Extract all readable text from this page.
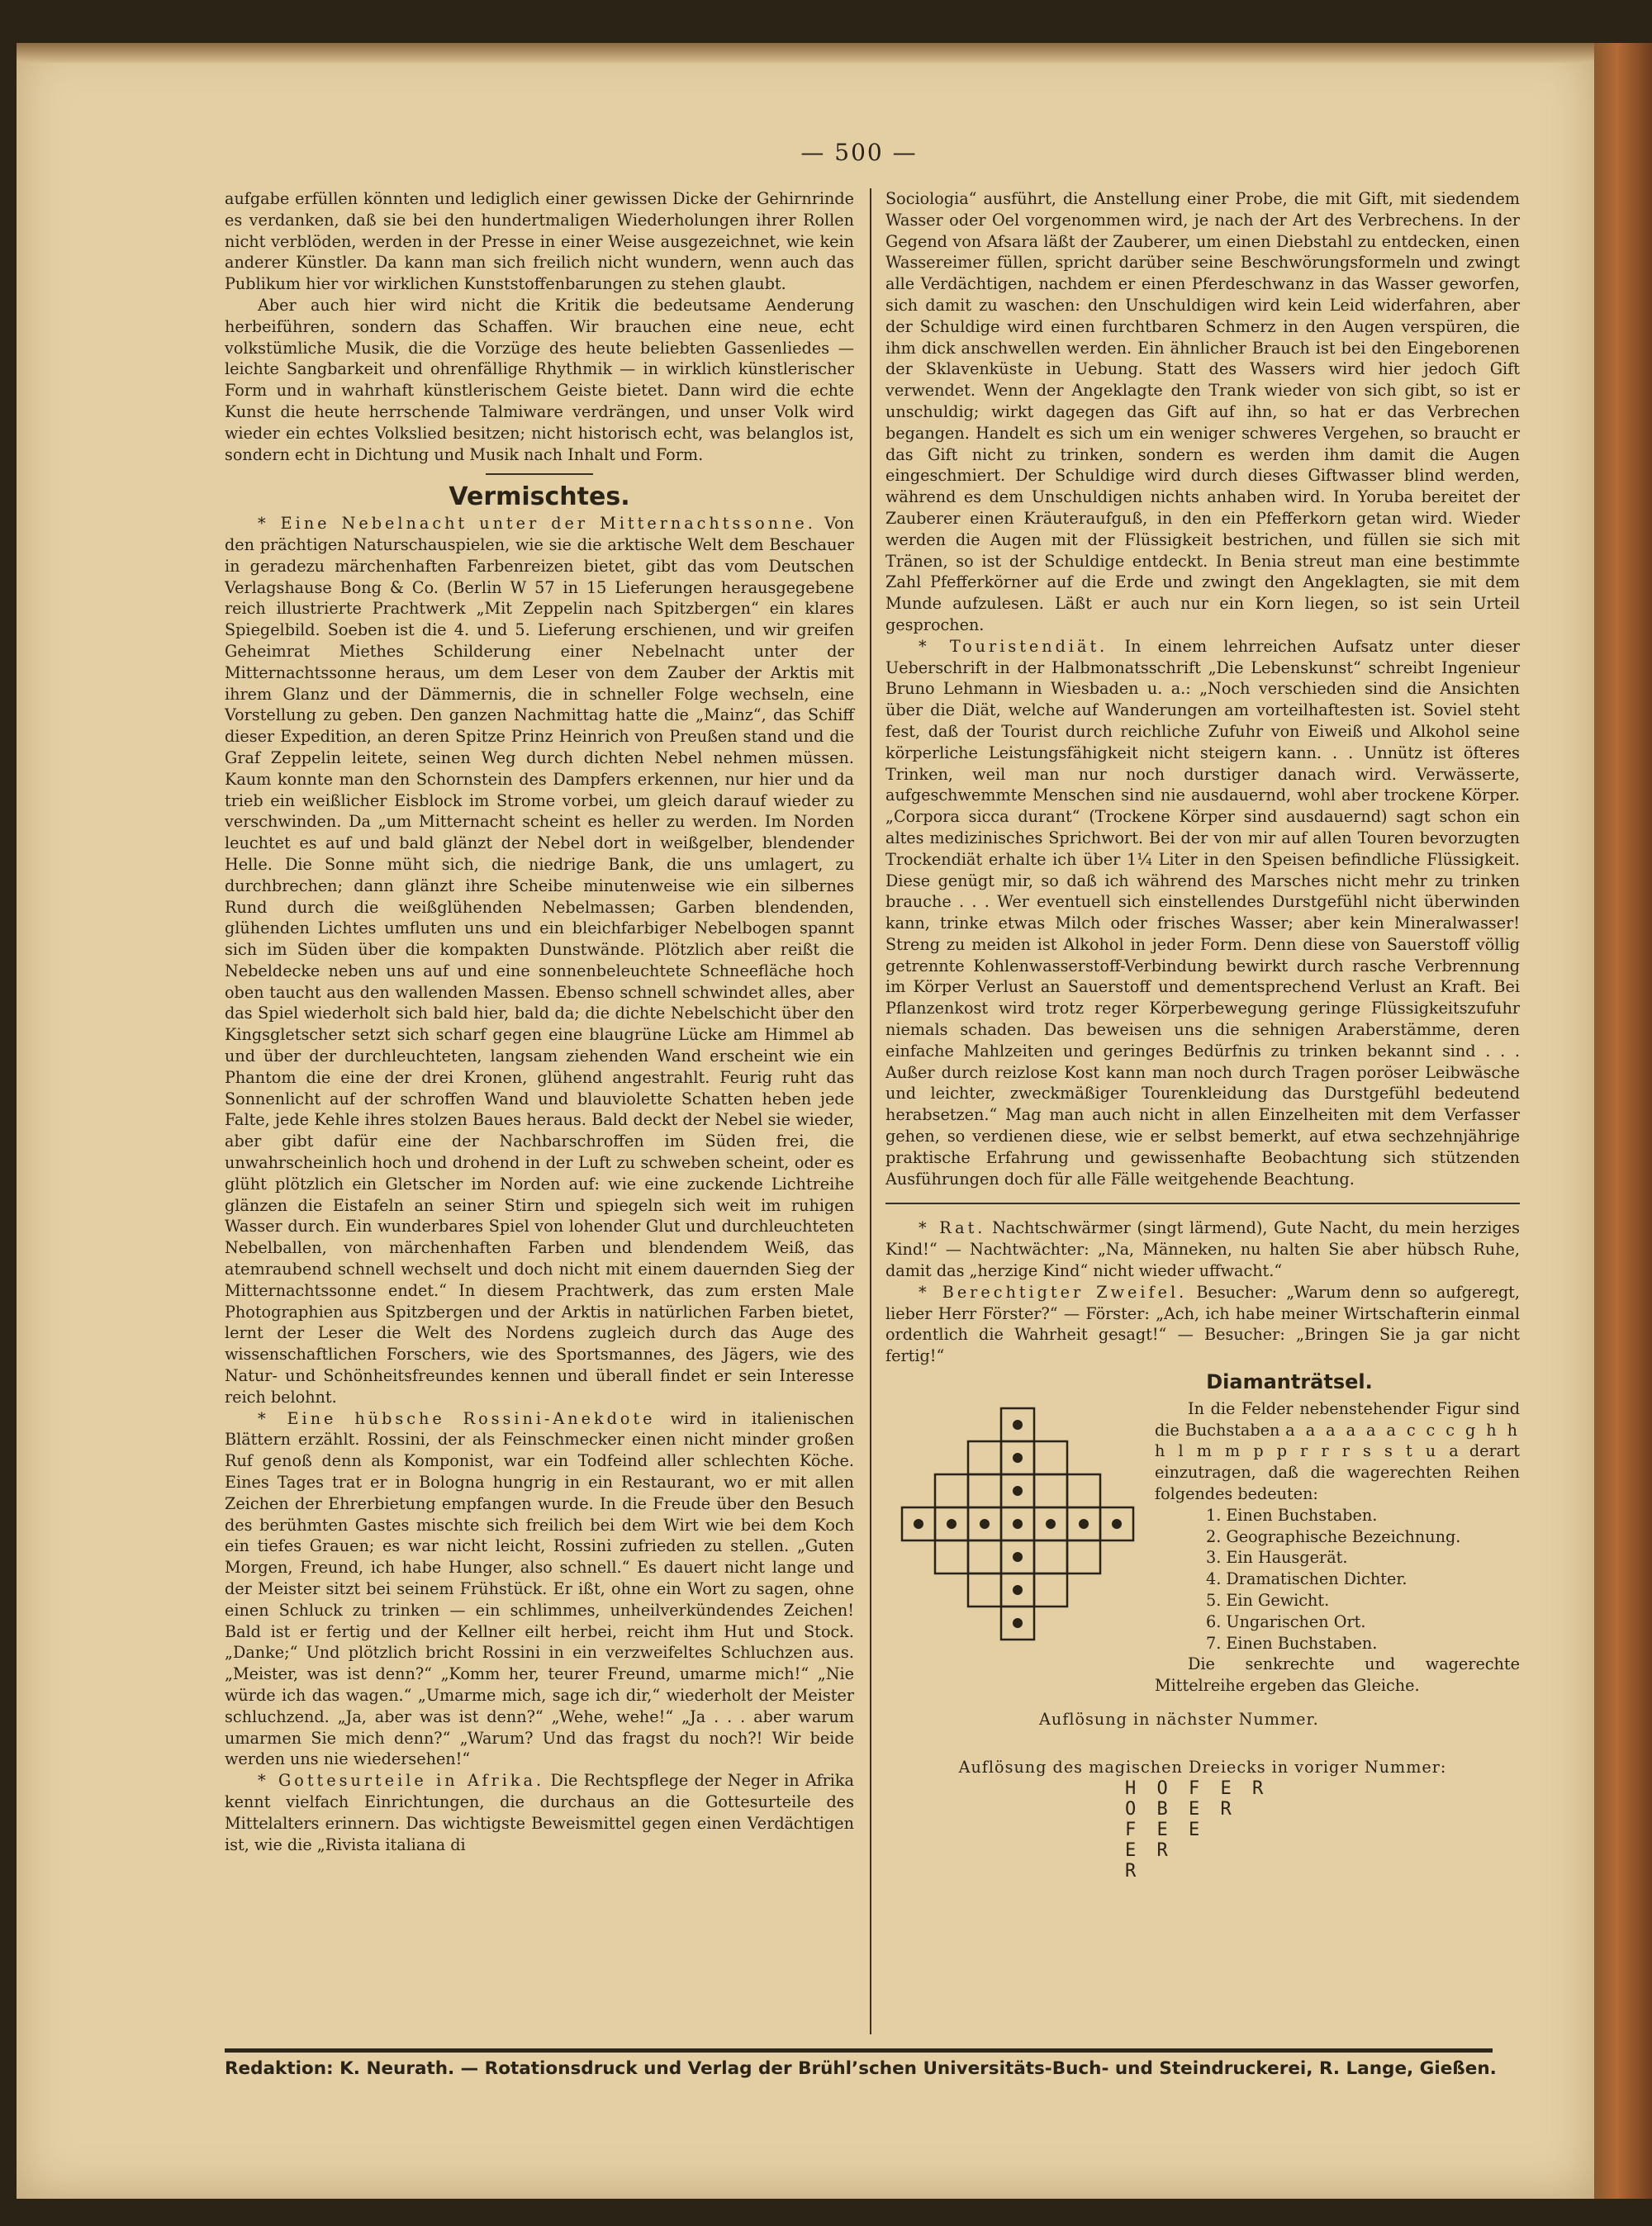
— 500 —

aufgabe erfüllen könnten und lediglich einer gewissen Dicke der Gehirnrinde es verdanken, daß sie bei den hundertmaligen Wiederholungen ihrer Rollen nicht verblöden, werden in der Presse in einer Weise ausgezeichnet, wie kein anderer Künstler. Da kann man sich freilich nicht wundern, wenn auch das Publikum hier vor wirklichen Kunststoffenbarungen zu stehen glaubt.

Aber auch hier wird nicht die Kritik die bedeutsame Aenderung herbeiführen, sondern das Schaffen. Wir brauchen eine neue, echt volkstümliche Musik, die die Vorzüge des heute beliebten Gassenliedes — leichte Sangbarkeit und ohrenfällige Rhythmik — in wirklich künstlerischer Form und in wahrhaft künstlerischem Geiste bietet. Dann wird die echte Kunst die heute herrschende Talmiware verdrängen, und unser Volk wird wieder ein echtes Volkslied besitzen; nicht historisch echt, was belanglos ist, sondern echt in Dichtung und Musik nach Inhalt und Form.

Vermischtes.

* Eine Nebelnacht unter der Mitternachtssonne. Von den prächtigen Naturschauspielen, wie sie die arktische Welt dem Beschauer in geradezu märchenhaften Farbenreizen bietet, gibt das vom Deutschen Verlagshause Bong & Co. (Berlin W 57 in 15 Lieferungen herausgegebene reich illustrierte Prachtwerk „Mit Zeppelin nach Spitzbergen“ ein klares Spiegelbild. Soeben ist die 4. und 5. Lieferung erschienen, und wir greifen Geheimrat Miethes Schilderung einer Nebelnacht unter der Mitternachtssonne heraus, um dem Leser von dem Zauber der Arktis mit ihrem Glanz und der Dämmernis, die in schneller Folge wechseln, eine Vorstellung zu geben. Den ganzen Nachmittag hatte die „Mainz“, das Schiff dieser Expedition, an deren Spitze Prinz Heinrich von Preußen stand und die Graf Zeppelin leitete, seinen Weg durch dichten Nebel nehmen müssen. Kaum konnte man den Schornstein des Dampfers erkennen, nur hier und da trieb ein weißlicher Eisblock im Strome vorbei, um gleich darauf wieder zu verschwinden. Da „um Mitternacht scheint es heller zu werden. Im Norden leuchtet es auf und bald glänzt der Nebel dort in weißgelber, blendender Helle. Die Sonne müht sich, die niedrige Bank, die uns umlagert, zu durchbrechen; dann glänzt ihre Scheibe minutenweise wie ein silbernes Rund durch die weißglühenden Nebelmassen; Garben blendenden, glühenden Lichtes umfluten uns und ein bleichfarbiger Nebelbogen spannt sich im Süden über die kompakten Dunstwände. Plötzlich aber reißt die Nebeldecke neben uns auf und eine sonnenbeleuchtete Schneefläche hoch oben taucht aus den wallenden Massen. Ebenso schnell schwindet alles, aber das Spiel wiederholt sich bald hier, bald da; die dichte Nebelschicht über den Kingsgletscher setzt sich scharf gegen eine blaugrüne Lücke am Himmel ab und über der durchleuchteten, langsam ziehenden Wand erscheint wie ein Phantom die eine der drei Kronen, glühend angestrahlt. Feurig ruht das Sonnenlicht auf der schroffen Wand und blauviolette Schatten heben jede Falte, jede Kehle ihres stolzen Baues heraus. Bald deckt der Nebel sie wieder, aber gibt dafür eine der Nachbarschroffen im Süden frei, die unwahrscheinlich hoch und drohend in der Luft zu schweben scheint, oder es glüht plötzlich ein Gletscher im Norden auf: wie eine zuckende Lichtreihe glänzen die Eistafeln an seiner Stirn und spiegeln sich weit im ruhigen Wasser durch. Ein wunderbares Spiel von lohender Glut und durchleuchteten Nebelballen, von märchenhaften Farben und blendendem Weiß, das atemraubend schnell wechselt und doch nicht mit einem dauernden Sieg der Mitternachtssonne endet.“ In diesem Prachtwerk, das zum ersten Male Photographien aus Spitzbergen und der Arktis in natürlichen Farben bietet, lernt der Leser die Welt des Nordens zugleich durch das Auge des wissenschaftlichen Forschers, wie des Sportsmannes, des Jägers, wie des Natur- und Schönheitsfreundes kennen und überall findet er sein Interesse reich belohnt.

* Eine hübsche Rossini-Anekdote wird in italienischen Blättern erzählt. Rossini, der als Feinschmecker einen nicht minder großen Ruf genoß denn als Komponist, war ein Todfeind aller schlechten Köche. Eines Tages trat er in Bologna hungrig in ein Restaurant, wo er mit allen Zeichen der Ehrerbietung empfangen wurde. In die Freude über den Besuch des berühmten Gastes mischte sich freilich bei dem Wirt wie bei dem Koch ein tiefes Grauen; es war nicht leicht, Rossini zufrieden zu stellen. „Guten Morgen, Freund, ich habe Hunger, also schnell.“ Es dauert nicht lange und der Meister sitzt bei seinem Frühstück. Er ißt, ohne ein Wort zu sagen, ohne einen Schluck zu trinken — ein schlimmes, unheilverkündendes Zeichen! Bald ist er fertig und der Kellner eilt herbei, reicht ihm Hut und Stock. „Danke;“ Und plötzlich bricht Rossini in ein verzweifeltes Schluchzen aus. „Meister, was ist denn?“ „Komm her, teurer Freund, umarme mich!“ „Nie würde ich das wagen.“ „Umarme mich, sage ich dir,“ wiederholt der Meister schluchzend. „Ja, aber was ist denn?“ „Wehe, wehe!“ „Ja . . . aber warum umarmen Sie mich denn?“ „Warum? Und das fragst du noch?! Wir beide werden uns nie wiedersehen!“

* Gottesurteile in Afrika. Die Rechtspflege der Neger in Afrika kennt vielfach Einrichtungen, die durchaus an die Gottesurteile des Mittelalters erinnern. Das wichtigste Beweismittel gegen einen Verdächtigen ist, wie die „Rivista italiana di

Sociologia“ ausführt, die Anstellung einer Probe, die mit Gift, mit siedendem Wasser oder Oel vorgenommen wird, je nach der Art des Verbrechens. In der Gegend von Afsara läßt der Zauberer, um einen Diebstahl zu entdecken, einen Wassereimer füllen, spricht darüber seine Beschwörungsformeln und zwingt alle Verdächtigen, nachdem er einen Pferdeschwanz in das Wasser geworfen, sich damit zu waschen: den Unschuldigen wird kein Leid widerfahren, aber der Schuldige wird einen furchtbaren Schmerz in den Augen verspüren, die ihm dick anschwellen werden. Ein ähnlicher Brauch ist bei den Eingeborenen der Sklavenküste in Uebung. Statt des Wassers wird hier jedoch Gift verwendet. Wenn der Angeklagte den Trank wieder von sich gibt, so ist er unschuldig; wirkt dagegen das Gift auf ihn, so hat er das Verbrechen begangen. Handelt es sich um ein weniger schweres Vergehen, so braucht er das Gift nicht zu trinken, sondern es werden ihm damit die Augen eingeschmiert. Der Schuldige wird durch dieses Giftwasser blind werden, während es dem Unschuldigen nichts anhaben wird. In Yoruba bereitet der Zauberer einen Kräuteraufguß, in den ein Pfefferkorn getan wird. Wieder werden die Augen mit der Flüssigkeit bestrichen, und füllen sie sich mit Tränen, so ist der Schuldige entdeckt. In Benia streut man eine bestimmte Zahl Pfefferkörner auf die Erde und zwingt den Angeklagten, sie mit dem Munde aufzulesen. Läßt er auch nur ein Korn liegen, so ist sein Urteil gesprochen.

* Touristendiät. In einem lehrreichen Aufsatz unter dieser Ueberschrift in der Halbmonatsschrift „Die Lebenskunst“ schreibt Ingenieur Bruno Lehmann in Wiesbaden u. a.: „Noch verschieden sind die Ansichten über die Diät, welche auf Wanderungen am vorteilhaftesten ist. Soviel steht fest, daß der Tourist durch reichliche Zufuhr von Eiweiß und Alkohol seine körperliche Leistungsfähigkeit nicht steigern kann. . . Unnütz ist öfteres Trinken, weil man nur noch durstiger danach wird. Verwässerte, aufgeschwemmte Menschen sind nie ausdauernd, wohl aber trockene Körper. „Corpora sicca durant“ (Trockene Körper sind ausdauernd) sagt schon ein altes medizinisches Sprichwort. Bei der von mir auf allen Touren bevorzugten Trockendiät erhalte ich über 1¼ Liter in den Speisen befindliche Flüssigkeit. Diese genügt mir, so daß ich während des Marsches nicht mehr zu trinken brauche . . . Wer eventuell sich einstellendes Durstgefühl nicht überwinden kann, trinke etwas Milch oder frisches Wasser; aber kein Mineralwasser! Streng zu meiden ist Alkohol in jeder Form. Denn diese von Sauerstoff völlig getrennte Kohlenwasserstoff-Verbindung bewirkt durch rasche Verbrennung im Körper Verlust an Sauerstoff und dementsprechend Verlust an Kraft. Bei Pflanzenkost wird trotz reger Körperbewegung geringe Flüssigkeitszufuhr niemals schaden. Das beweisen uns die sehnigen Araberstämme, deren einfache Mahlzeiten und geringes Bedürfnis zu trinken bekannt sind . . . Außer durch reizlose Kost kann man noch durch Tragen poröser Leibwäsche und leichter, zweckmäßiger Tourenkleidung das Durstgefühl bedeutend herabsetzen.“ Mag man auch nicht in allen Einzelheiten mit dem Verfasser gehen, so verdienen diese, wie er selbst bemerkt, auf etwa sechzehnjährige praktische Erfahrung und gewissenhafte Beobachtung sich stützenden Ausführungen doch für alle Fälle weitgehende Beachtung.

* Rat. Nachtschwärmer (singt lärmend), Gute Nacht, du mein herziges Kind!“ — Nachtwächter: „Na, Männeken, nu halten Sie aber hübsch Ruhe, damit das „herzige Kind“ nicht wieder uffwacht.“

* Berechtigter Zweifel. Besucher: „Warum denn so aufgeregt, lieber Herr Förster?“ — Förster: „Ach, ich habe meiner Wirtschafterin einmal ordentlich die Wahrheit gesagt!“ — Besucher: „Bringen Sie ja gar nicht fertig!“

Diamanträtsel.

In die Felder nebenstehender Figur sind die Buchstaben a a a a a a c c c g h h h l m m p p r r r s s t u a derart einzutragen, daß die wagerechten Reihen folgendes bedeuten:

1. Einen Buchstaben.
2. Geographische Bezeichnung.
3. Ein Hausgerät.
4. Dramatischen Dichter.
5. Ein Gewicht.
6. Ungarischen Ort.
7. Einen Buchstaben.

Die senkrechte und wagerechte Mittelreihe ergeben das Gleiche.

Auflösung in nächster Nummer.
Auflösung des magischen Dreiecks in voriger Nummer:
H O F E R
O B E R
F E E
E R
R
Redaktion: K. Neurath. — Rotationsdruck und Verlag der Brühl’schen Universitäts-Buch- und Steindruckerei, R. Lange, Gießen.
